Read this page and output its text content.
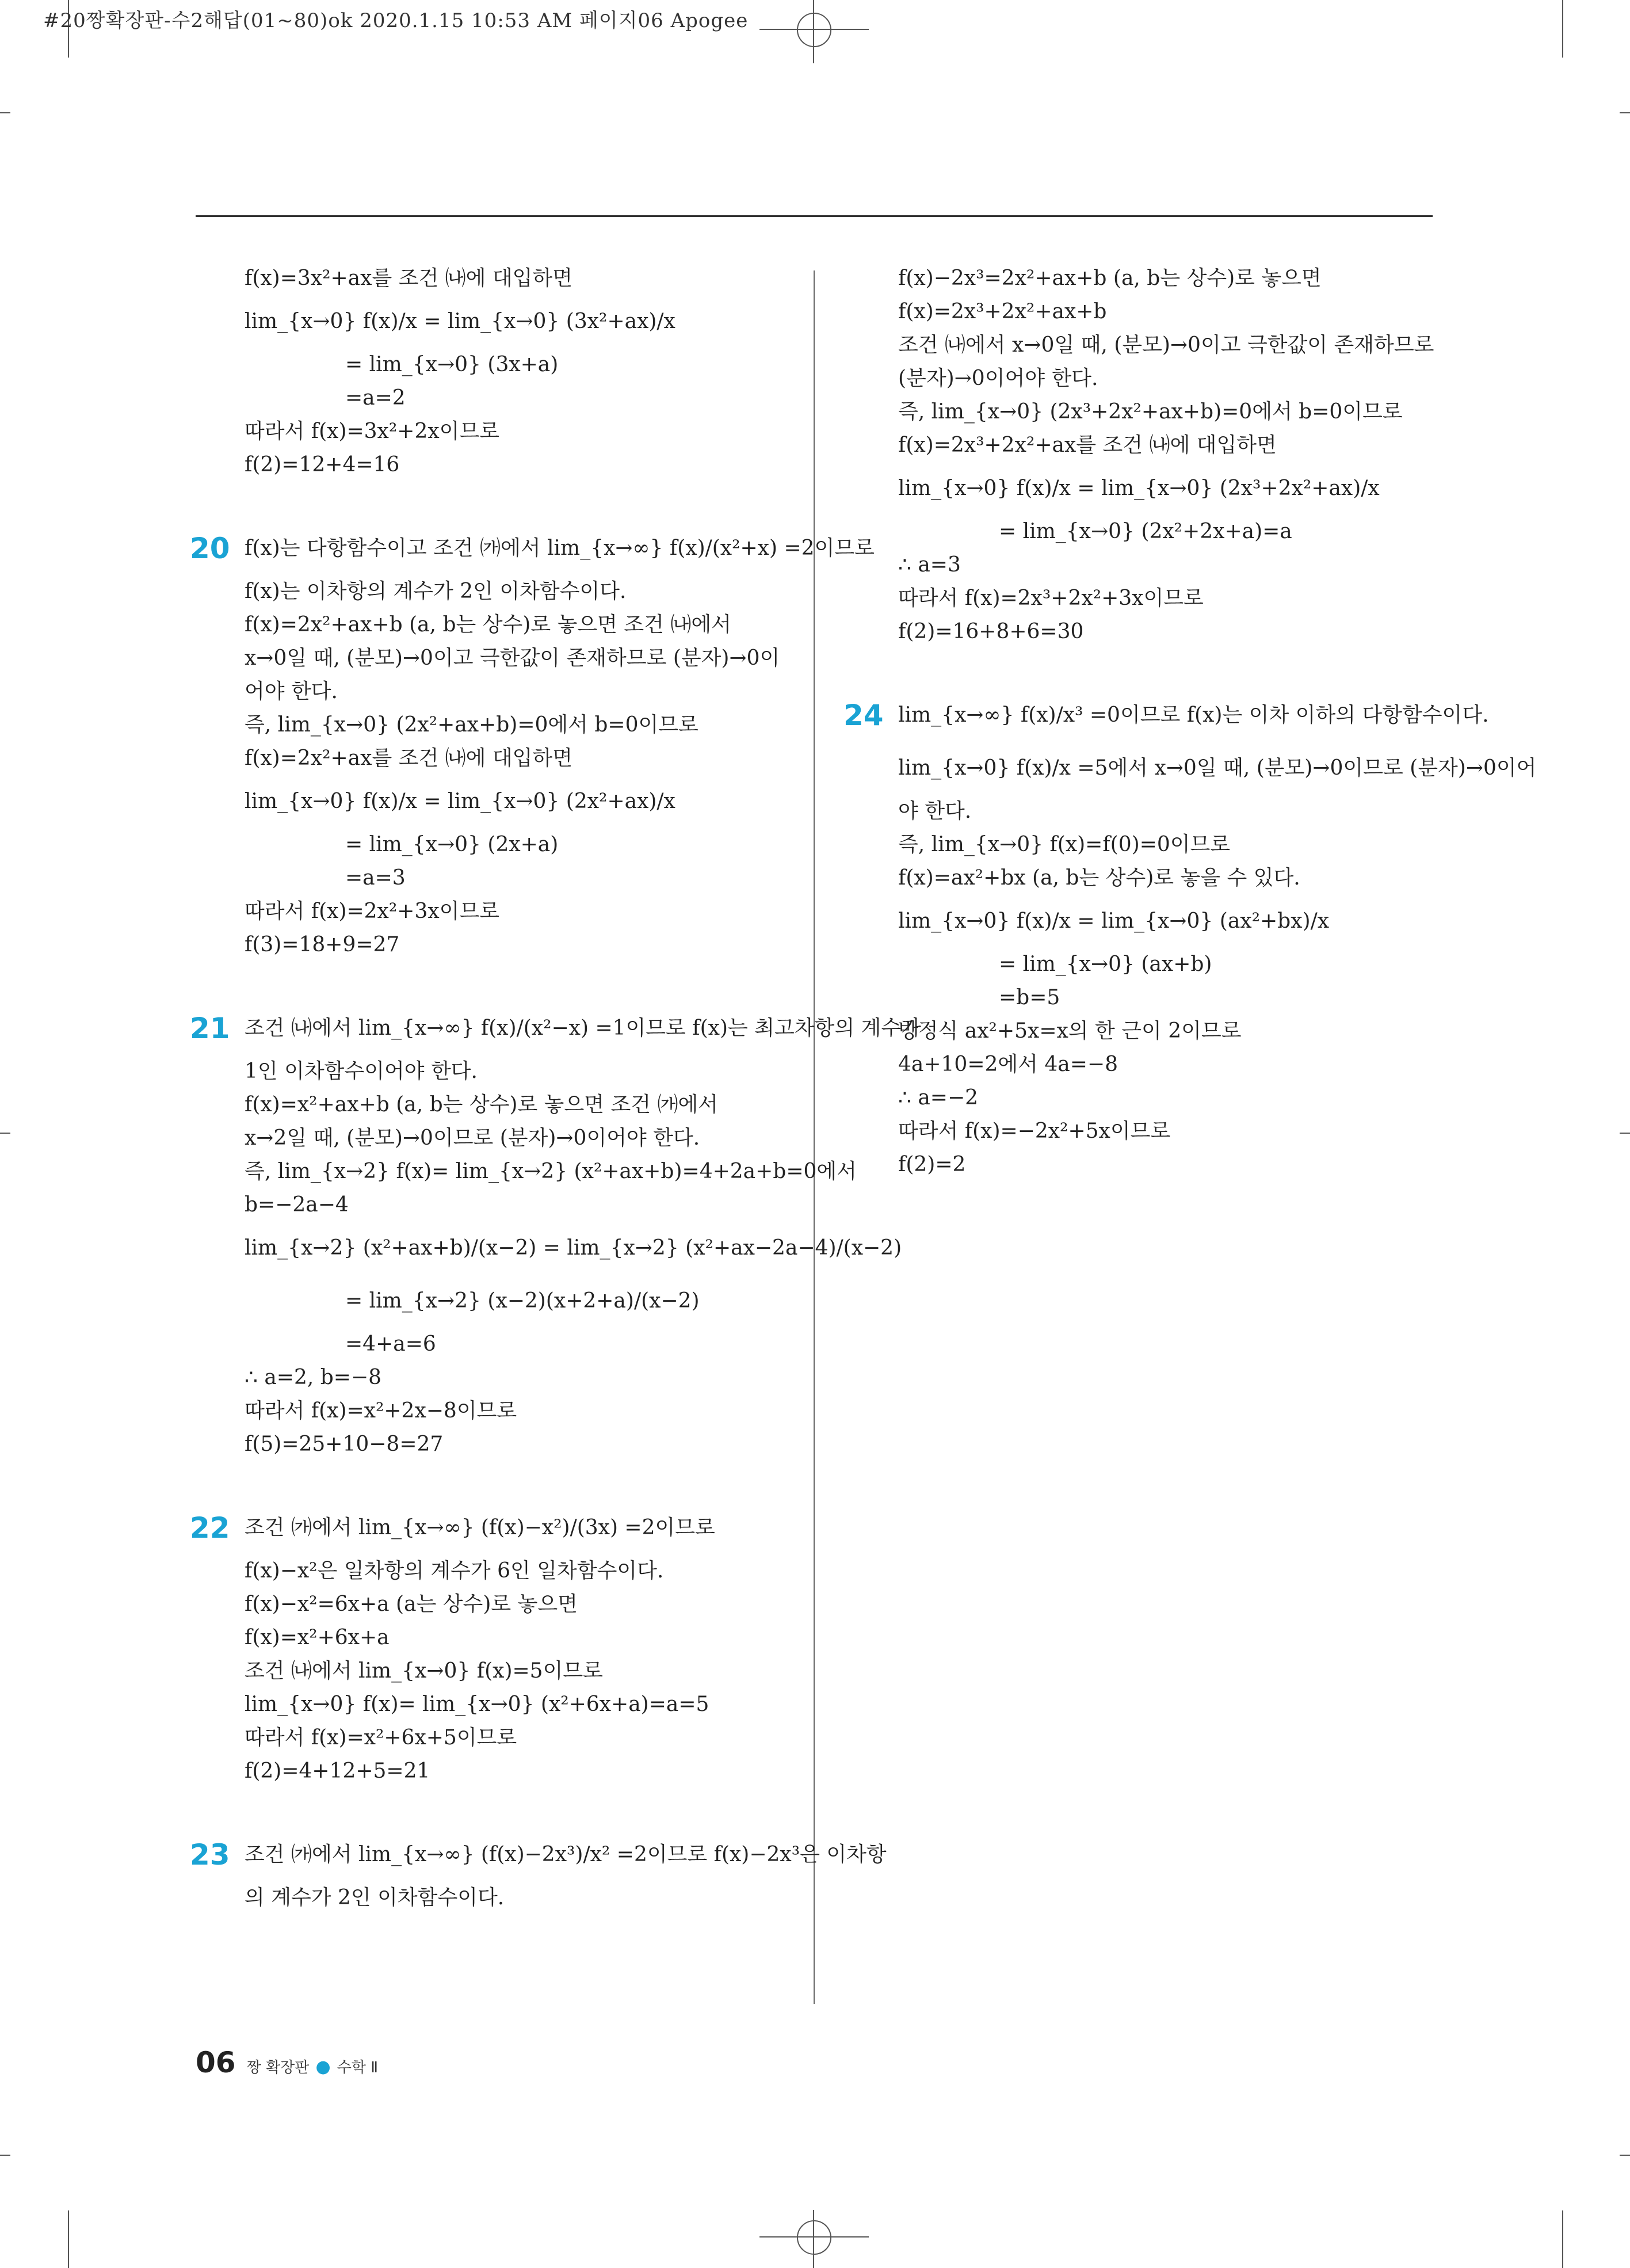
#20짱확장판-수2해답(01~80)ok 2020.1.15 10:53 AM 페이지06 Apogee
f(x)=3x²+ax를 조건 ㈏에 대입하면
lim_{x→0} f(x)/x = lim_{x→0} (3x²+ax)/x
= lim_{x→0} (3x+a)
=a=2
따라서 f(x)=3x²+2x이므로
f(2)=12+4=16
20 f(x)는 다항함수이고 조건 ㈎에서 lim_{x→∞} f(x)/(x²+x) =2이므로
f(x)는 이차항의 계수가 2인 이차함수이다.
f(x)=2x²+ax+b (a, b는 상수)로 놓으면 조건 ㈏에서
x→0일 때, (분모)→0이고 극한값이 존재하므로 (분자)→0이
어야 한다.
즉, lim_{x→0} (2x²+ax+b)=0에서 b=0이므로
f(x)=2x²+ax를 조건 ㈏에 대입하면
lim_{x→0} f(x)/x = lim_{x→0} (2x²+ax)/x
= lim_{x→0} (2x+a)
=a=3
따라서 f(x)=2x²+3x이므로
f(3)=18+9=27
21 조건 ㈏에서 lim_{x→∞} f(x)/(x²−x) =1이므로 f(x)는 최고차항의 계수가
1인 이차함수이어야 한다.
f(x)=x²+ax+b (a, b는 상수)로 놓으면 조건 ㈎에서
x→2일 때, (분모)→0이므로 (분자)→0이어야 한다.
즉, lim_{x→2} f(x)= lim_{x→2} (x²+ax+b)=4+2a+b=0에서
b=−2a−4
lim_{x→2} (x²+ax+b)/(x−2) = lim_{x→2} (x²+ax−2a−4)/(x−2)
= lim_{x→2} (x−2)(x+2+a)/(x−2)
=4+a=6
∴ a=2, b=−8
따라서 f(x)=x²+2x−8이므로
f(5)=25+10−8=27
22 조건 ㈎에서 lim_{x→∞} (f(x)−x²)/(3x) =2이므로
f(x)−x²은 일차항의 계수가 6인 일차함수이다.
f(x)−x²=6x+a (a는 상수)로 놓으면
f(x)=x²+6x+a
조건 ㈏에서 lim_{x→0} f(x)=5이므로
lim_{x→0} f(x)= lim_{x→0} (x²+6x+a)=a=5
따라서 f(x)=x²+6x+5이므로
f(2)=4+12+5=21
23 조건 ㈎에서 lim_{x→∞} (f(x)−2x³)/x² =2이므로 f(x)−2x³은 이차항
의 계수가 2인 이차함수이다.
f(x)−2x³=2x²+ax+b (a, b는 상수)로 놓으면
f(x)=2x³+2x²+ax+b
조건 ㈏에서 x→0일 때, (분모)→0이고 극한값이 존재하므로
(분자)→0이어야 한다.
즉, lim_{x→0} (2x³+2x²+ax+b)=0에서 b=0이므로
f(x)=2x³+2x²+ax를 조건 ㈏에 대입하면
lim_{x→0} f(x)/x = lim_{x→0} (2x³+2x²+ax)/x
= lim_{x→0} (2x²+2x+a)=a
∴ a=3
따라서 f(x)=2x³+2x²+3x이므로
f(2)=16+8+6=30
24 lim_{x→∞} f(x)/x³ =0이므로 f(x)는 이차 이하의 다항함수이다.
lim_{x→0} f(x)/x =5에서 x→0일 때, (분모)→0이므로 (분자)→0이어
야 한다.
즉, lim_{x→0} f(x)=f(0)=0이므로
f(x)=ax²+bx (a, b는 상수)로 놓을 수 있다.
lim_{x→0} f(x)/x = lim_{x→0} (ax²+bx)/x
= lim_{x→0} (ax+b)
=b=5
방정식 ax²+5x=x의 한 근이 2이므로
4a+10=2에서 4a=−8
∴ a=−2
따라서 f(x)=−2x²+5x이므로
f(2)=2
06 짱 확장판 ● 수학 Ⅱ
